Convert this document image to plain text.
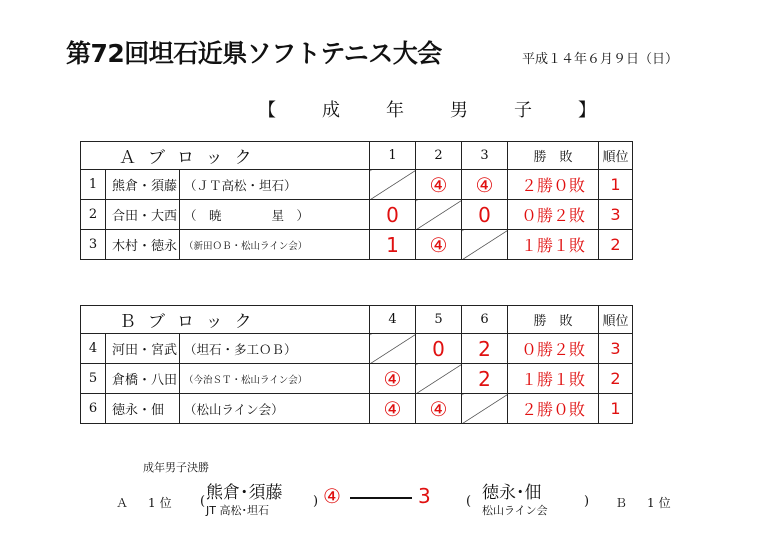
第72回坦石近県ソフトテニス大会	平成１４年６月９日（日）
【　成　年　男　子　】
Ａブロック			1	2	3	勝　敗	順位
1	熊倉・須藤	（ＪＴ高松・坦石）		④	④	２勝０敗	1
2	合田・大西	（　暁　　　　星　）	0		0	０勝２敗	3
3	木村・徳永	（新田ＯＢ・松山ライン会）	1	④		１勝１敗	2
Ｂブロック			4	5	6	勝　敗	順位
4	河田・宮武	（坦石・多工ＯＢ）		0	2	０勝２敗	3
5	倉橋・八田	（今治ＳＴ・松山ライン会）	④		2	１勝１敗	2
6	徳永・佃	（松山ライン会）	④	④		２勝０敗	1
成年男子決勝
Ａ　1位 ( 熊倉･須藤
JT 高松･坦石
) ④	3	( 徳永･佃
松山ライン会
) Ｂ　1位
